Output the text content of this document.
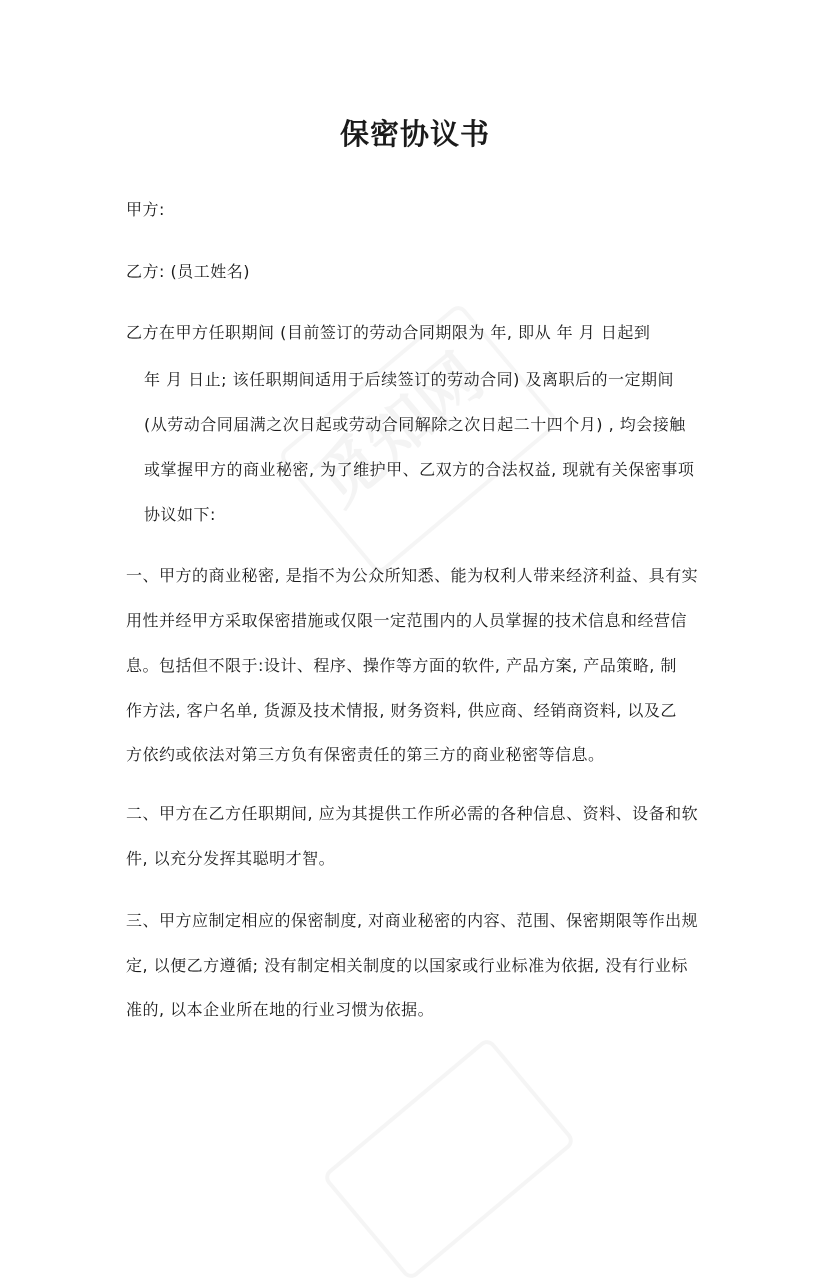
保密协议书
甲方:
乙方: (员工姓名)
乙方在甲方任职期间 (目前签订的劳动合同期限为 年, 即从 年 月 日起到
年 月 日止; 该任职期间适用于后续签订的劳动合同) 及离职后的一定期间
(从劳动合同届满之次日起或劳动合同解除之次日起二十四个月) , 均会接触
或掌握甲方的商业秘密, 为了维护甲、乙双方的合法权益, 现就有关保密事项
协议如下:
一、甲方的商业秘密, 是指不为公众所知悉、能为权利人带来经济利益、具有实
用性并经甲方采取保密措施或仅限一定范围内的人员掌握的技术信息和经营信
息。包括但不限于:设计、程序、操作等方面的软件, 产品方案, 产品策略, 制
作方法, 客户名单, 货源及技术情报, 财务资料, 供应商、经销商资料, 以及乙
方依约或依法对第三方负有保密责任的第三方的商业秘密等信息。
二、甲方在乙方任职期间, 应为其提供工作所必需的各种信息、资料、设备和软
件, 以充分发挥其聪明才智。
三、甲方应制定相应的保密制度, 对商业秘密的内容、范围、保密期限等作出规
定, 以便乙方遵循; 没有制定相关制度的以国家或行业标准为依据, 没有行业标
准的, 以本企业所在地的行业习惯为依据。
